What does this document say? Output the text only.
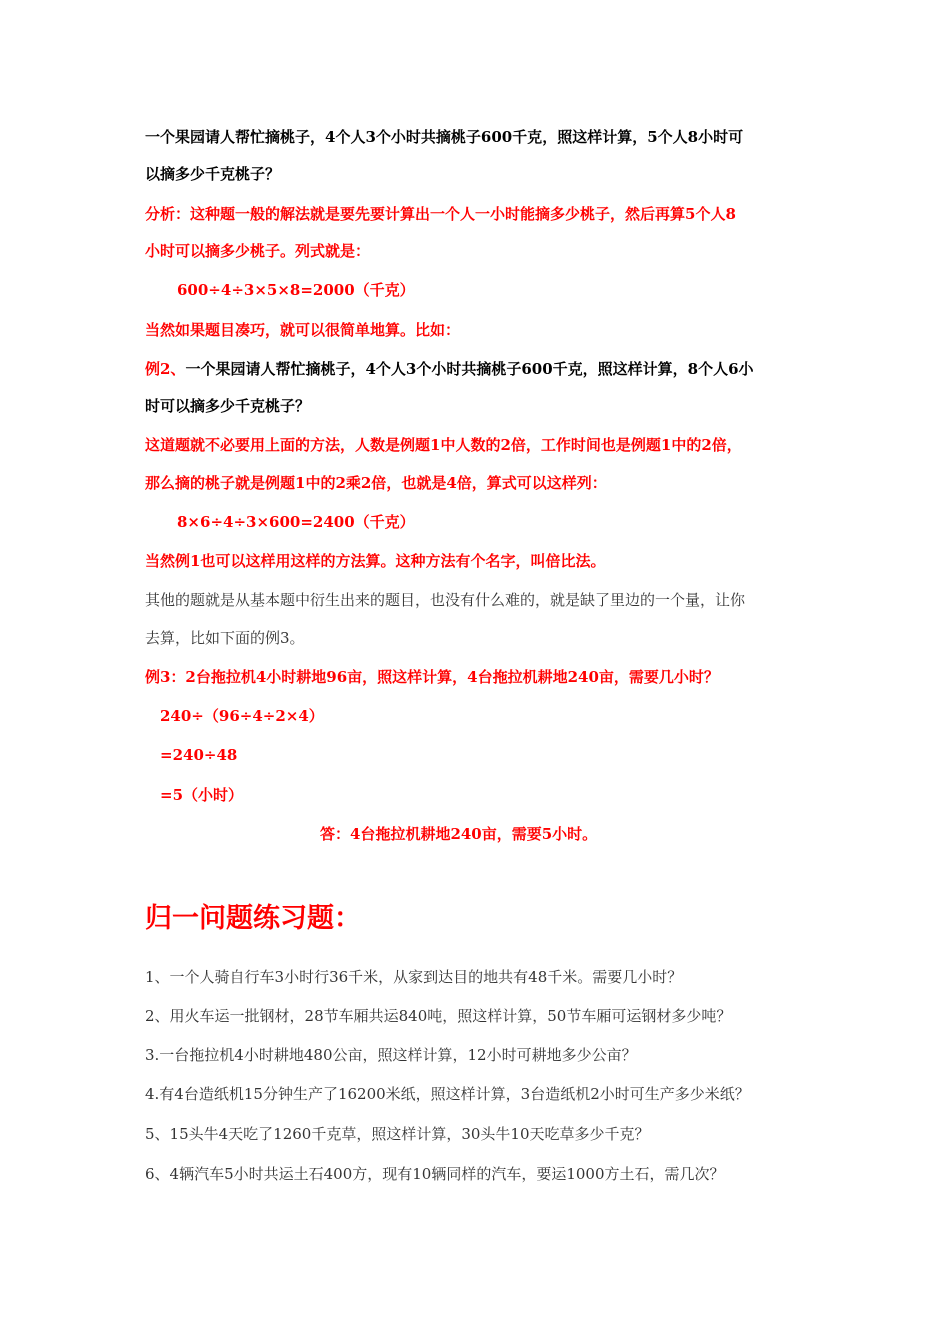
一个果园请人帮忙摘桃子，4个人3个小时共摘桃子600千克，照这样计算，5个人8小时可
以摘多少千克桃子？
分析：这种题一般的解法就是要先要计算出一个人一小时能摘多少桃子，然后再算5个人8
小时可以摘多少桃子。列式就是：
600÷4÷3×5×8=2000（千克）
当然如果题目凑巧，就可以很简单地算。比如：
例2、一个果园请人帮忙摘桃子，4个人3个小时共摘桃子600千克，照这样计算，8个人6小
时可以摘多少千克桃子？
这道题就不必要用上面的方法，人数是例题1中人数的2倍，工作时间也是例题1中的2倍，
那么摘的桃子就是例题1中的2乘2倍，也就是4倍，算式可以这样列：
8×6÷4÷3×600=2400（千克）
当然例1也可以这样用这样的方法算。这种方法有个名字，叫倍比法。
其他的题就是从基本题中衍生出来的题目，也没有什么难的，就是缺了里边的一个量，让你
去算，比如下面的例3。
例3：2台拖拉机4小时耕地96亩，照这样计算，4台拖拉机耕地240亩，需要几小时？
240÷（96÷4÷2×4）
=240÷48
=5（小时）
答：4台拖拉机耕地240亩，需要5小时。
归一问题练习题：
1、一个人骑自行车3小时行36千米，从家到达目的地共有48千米。需要几小时？
2、用火车运一批钢材，28节车厢共运840吨，照这样计算，50节车厢可运钢材多少吨？
3.一台拖拉机4小时耕地480公亩，照这样计算，12小时可耕地多少公亩？
4.有4台造纸机15分钟生产了16200米纸，照这样计算，3台造纸机2小时可生产多少米纸？
5、15头牛4天吃了1260千克草，照这样计算，30头牛10天吃草多少千克？
6、4辆汽车5小时共运土石400方，现有10辆同样的汽车，要运1000方土石，需几次？
